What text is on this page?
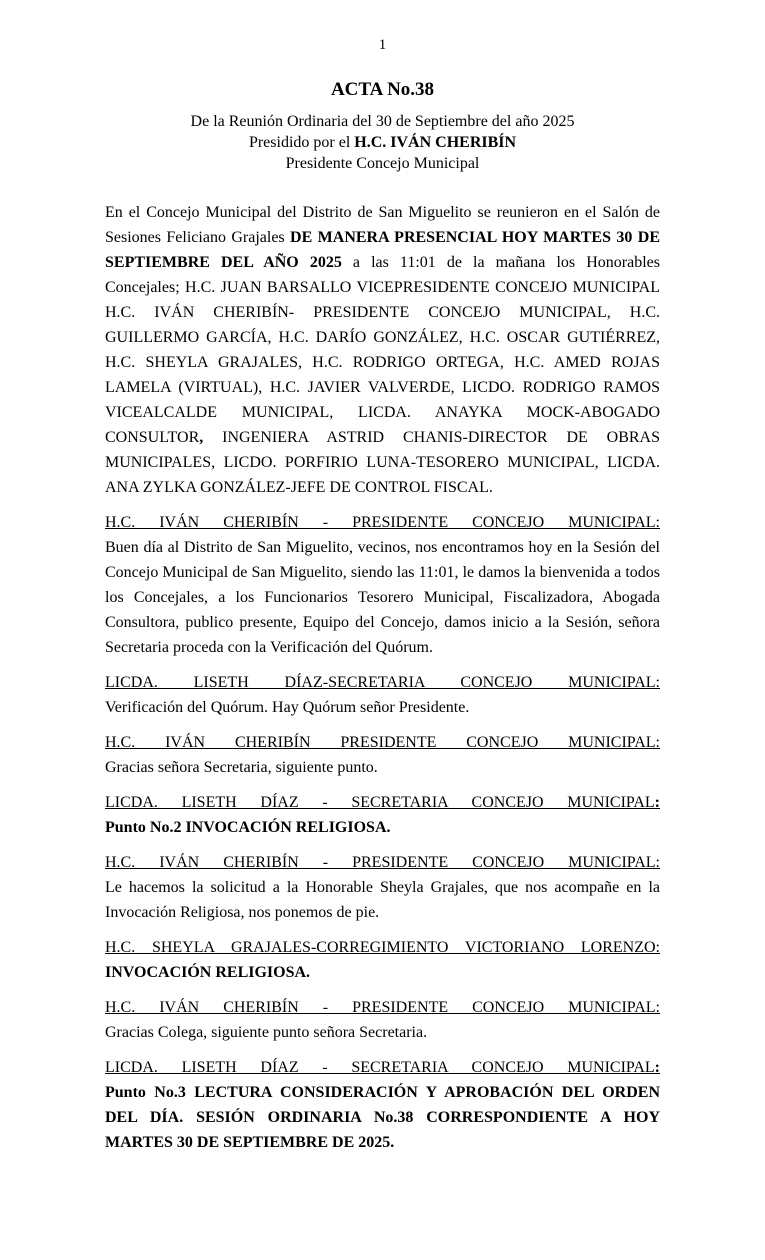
1
ACTA No.38
De la Reunión Ordinaria del 30 de Septiembre del año 2025
Presidido por el H.C. IVÁN CHERIBÍN
Presidente Concejo Municipal
En el Concejo Municipal del Distrito de San Miguelito se reunieron en el Salón de Sesiones Feliciano Grajales DE MANERA PRESENCIAL HOY MARTES 30 DE SEPTIEMBRE DEL AÑO 2025 a las 11:01 de la mañana los Honorables Concejales; H.C. JUAN BARSALLO VICEPRESIDENTE CONCEJO MUNICIPAL H.C. IVÁN CHERIBÍN- PRESIDENTE CONCEJO MUNICIPAL, H.C. GUILLERMO GARCÍA, H.C. DARÍO GONZÁLEZ, H.C. OSCAR GUTIÉRREZ, H.C. SHEYLA GRAJALES, H.C. RODRIGO ORTEGA, H.C. AMED ROJAS LAMELA (VIRTUAL), H.C. JAVIER VALVERDE, LICDO. RODRIGO RAMOS VICEALCALDE MUNICIPAL, LICDA. ANAYKA MOCK-ABOGADO CONSULTOR, INGENIERA ASTRID CHANIS-DIRECTOR DE OBRAS MUNICIPALES, LICDO. PORFIRIO LUNA-TESORERO MUNICIPAL, LICDA. ANA ZYLKA GONZÁLEZ-JEFE DE CONTROL FISCAL.
H.C. IVÁN CHERIBÍN - PRESIDENTE CONCEJO MUNICIPAL:
Buen día al Distrito de San Miguelito, vecinos, nos encontramos hoy en la Sesión del Concejo Municipal de San Miguelito, siendo las 11:01, le damos la bienvenida a todos los Concejales, a los Funcionarios Tesorero Municipal, Fiscalizadora, Abogada Consultora, publico presente, Equipo del Concejo, damos inicio a la Sesión, señora Secretaria proceda con la Verificación del Quórum.
LICDA. LISETH DÍAZ-SECRETARIA CONCEJO MUNICIPAL:
Verificación del Quórum. Hay Quórum señor Presidente.
H.C. IVÁN CHERIBÍN PRESIDENTE CONCEJO MUNICIPAL:
Gracias señora Secretaria, siguiente punto.
LICDA. LISETH DÍAZ - SECRETARIA CONCEJO MUNICIPAL:
Punto No.2 INVOCACIÓN RELIGIOSA.
H.C. IVÁN CHERIBÍN - PRESIDENTE CONCEJO MUNICIPAL:
Le hacemos la solicitud a la Honorable Sheyla Grajales, que nos acompañe en la Invocación Religiosa, nos ponemos de pie.
H.C. SHEYLA GRAJALES-CORREGIMIENTO VICTORIANO LORENZO:
INVOCACIÓN RELIGIOSA.
H.C. IVÁN CHERIBÍN - PRESIDENTE CONCEJO MUNICIPAL:
Gracias Colega, siguiente punto señora Secretaria.
LICDA. LISETH DÍAZ - SECRETARIA CONCEJO MUNICIPAL:
Punto No.3 LECTURA CONSIDERACIÓN Y APROBACIÓN DEL ORDEN DEL DÍA. SESIÓN ORDINARIA No.38 CORRESPONDIENTE A HOY MARTES 30 DE SEPTIEMBRE DE 2025.
